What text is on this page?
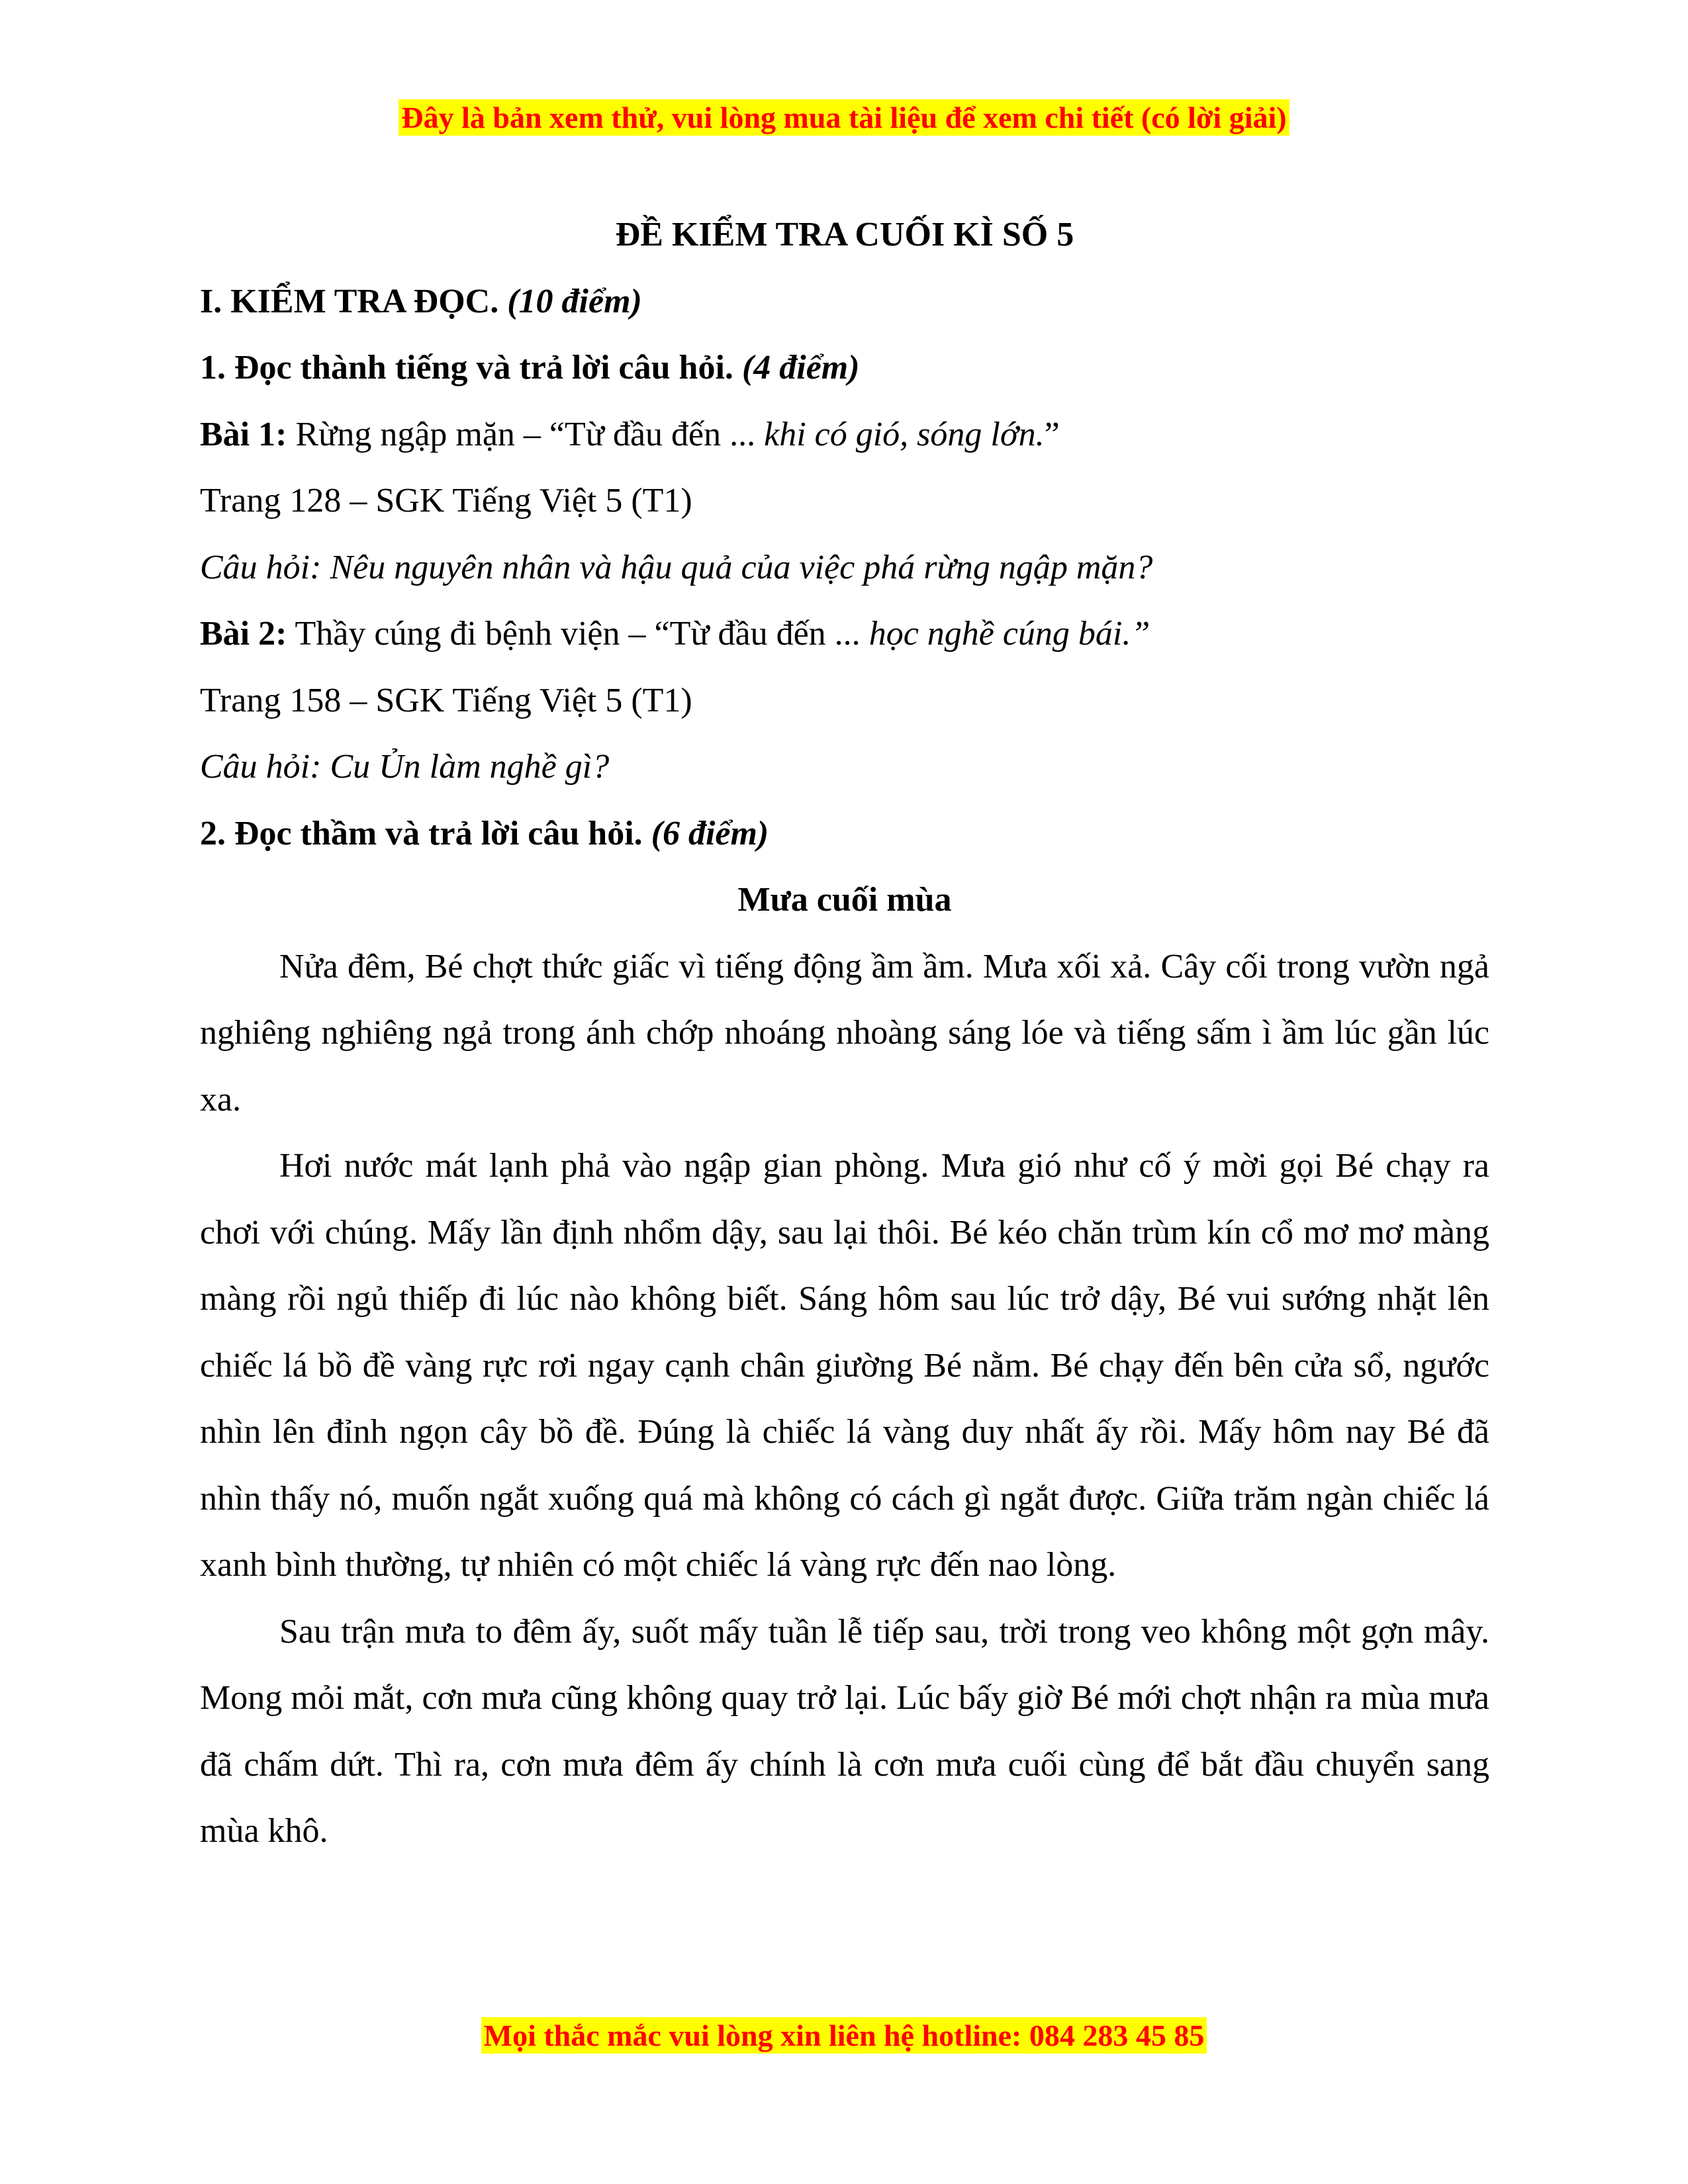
Đây là bản xem thử, vui lòng mua tài liệu để xem chi tiết (có lời giải)
ĐỀ KIỂM TRA CUỐI KÌ SỐ 5
I. KIỂM TRA ĐỌC. (10 điểm)
1. Đọc thành tiếng và trả lời câu hỏi. (4 điểm)
Bài 1: Rừng ngập mặn – “Từ đầu đến ... khi có gió, sóng lớn.”
Trang 128 – SGK Tiếng Việt 5 (T1)
Câu hỏi: Nêu nguyên nhân và hậu quả của việc phá rừng ngập mặn?
Bài 2: Thầy cúng đi bệnh viện – “Từ đầu đến ... học nghề cúng bái.”
Trang 158 – SGK Tiếng Việt 5 (T1)
Câu hỏi: Cu Ủn làm nghề gì?
2. Đọc thầm và trả lời câu hỏi. (6 điểm)
Mưa cuối mùa
Nửa đêm, Bé chợt thức giấc vì tiếng động ầm ầm. Mưa xối xả. Cây cối trong vườn ngả nghiêng nghiêng ngả trong ánh chớp nhoáng nhoàng sáng lóe và tiếng sấm ì ầm lúc gần lúc xa.
Hơi nước mát lạnh phả vào ngập gian phòng. Mưa gió như cố ý mời gọi Bé chạy ra chơi với chúng. Mấy lần định nhổm dậy, sau lại thôi. Bé kéo chăn trùm kín cổ mơ mơ màng màng rồi ngủ thiếp đi lúc nào không biết. Sáng hôm sau lúc trở dậy, Bé vui sướng nhặt lên chiếc lá bồ đề vàng rực rơi ngay cạnh chân giường Bé nằm. Bé chạy đến bên cửa sổ, ngước nhìn lên đỉnh ngọn cây bồ đề. Đúng là chiếc lá vàng duy nhất ấy rồi. Mấy hôm nay Bé đã nhìn thấy nó, muốn ngắt xuống quá mà không có cách gì ngắt được. Giữa trăm ngàn chiếc lá xanh bình thường, tự nhiên có một chiếc lá vàng rực đến nao lòng.
Sau trận mưa to đêm ấy, suốt mấy tuần lễ tiếp sau, trời trong veo không một gợn mây. Mong mỏi mắt, cơn mưa cũng không quay trở lại. Lúc bấy giờ Bé mới chợt nhận ra mùa mưa đã chấm dứt. Thì ra, cơn mưa đêm ấy chính là cơn mưa cuối cùng để bắt đầu chuyển sang mùa khô.
Mọi thắc mắc vui lòng xin liên hệ hotline: 084 283 45 85
